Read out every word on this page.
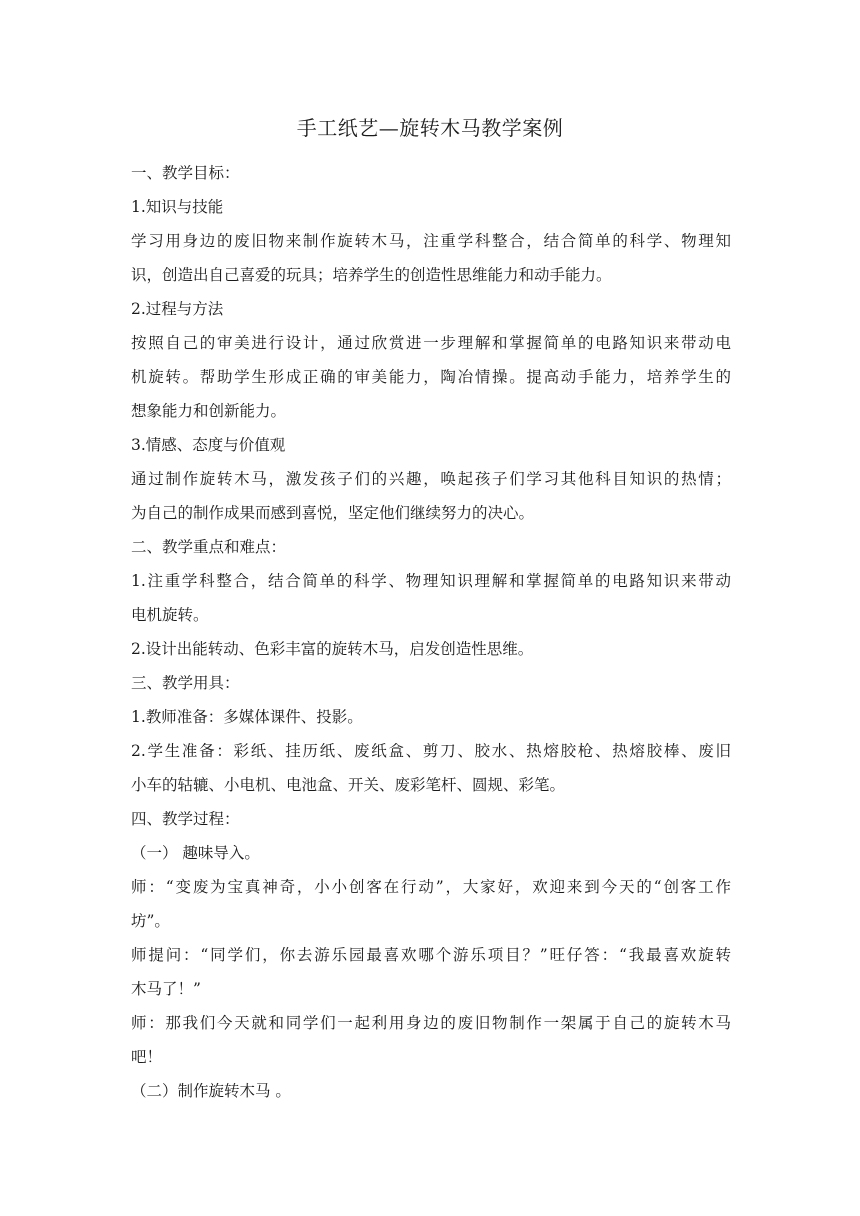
手工纸艺—旋转木马教学案例
一、教学目标：
1.知识与技能
学习用身边的废旧物来制作旋转木马，注重学科整合，结合简单的科学、物理知
识，创造出自己喜爱的玩具；培养学生的创造性思维能力和动手能力。
2.过程与方法
按照自己的审美进行设计，通过欣赏进一步理解和掌握简单的电路知识来带动电
机旋转。帮助学生形成正确的审美能力，陶冶情操。提高动手能力，培养学生的
想象能力和创新能力。
3.情感、态度与价值观
通过制作旋转木马，激发孩子们的兴趣，唤起孩子们学习其他科目知识的热情；
为自己的制作成果而感到喜悦，坚定他们继续努力的决心。
二、教学重点和难点：
1.注重学科整合，结合简单的科学、物理知识理解和掌握简单的电路知识来带动
电机旋转。
2.设计出能转动、色彩丰富的旋转木马，启发创造性思维。
三、教学用具：
1.教师准备：多媒体课件、投影。
2.学生准备：彩纸、挂历纸、废纸盒、剪刀、胶水、热熔胶枪、热熔胶棒、废旧
小车的轱辘、小电机、电池盒、开关、废彩笔杆、圆规、彩笔。
四、教学过程：
（一） 趣味导入。
师：“变废为宝真神奇，小小创客在行动”，大家好，欢迎来到今天的“创客工作
坊”。
师提问：“同学们，你去游乐园最喜欢哪个游乐项目？”旺仔答：“我最喜欢旋转
木马了！”
师：那我们今天就和同学们一起利用身边的废旧物制作一架属于自己的旋转木马
吧！
（二）制作旋转木马 。
